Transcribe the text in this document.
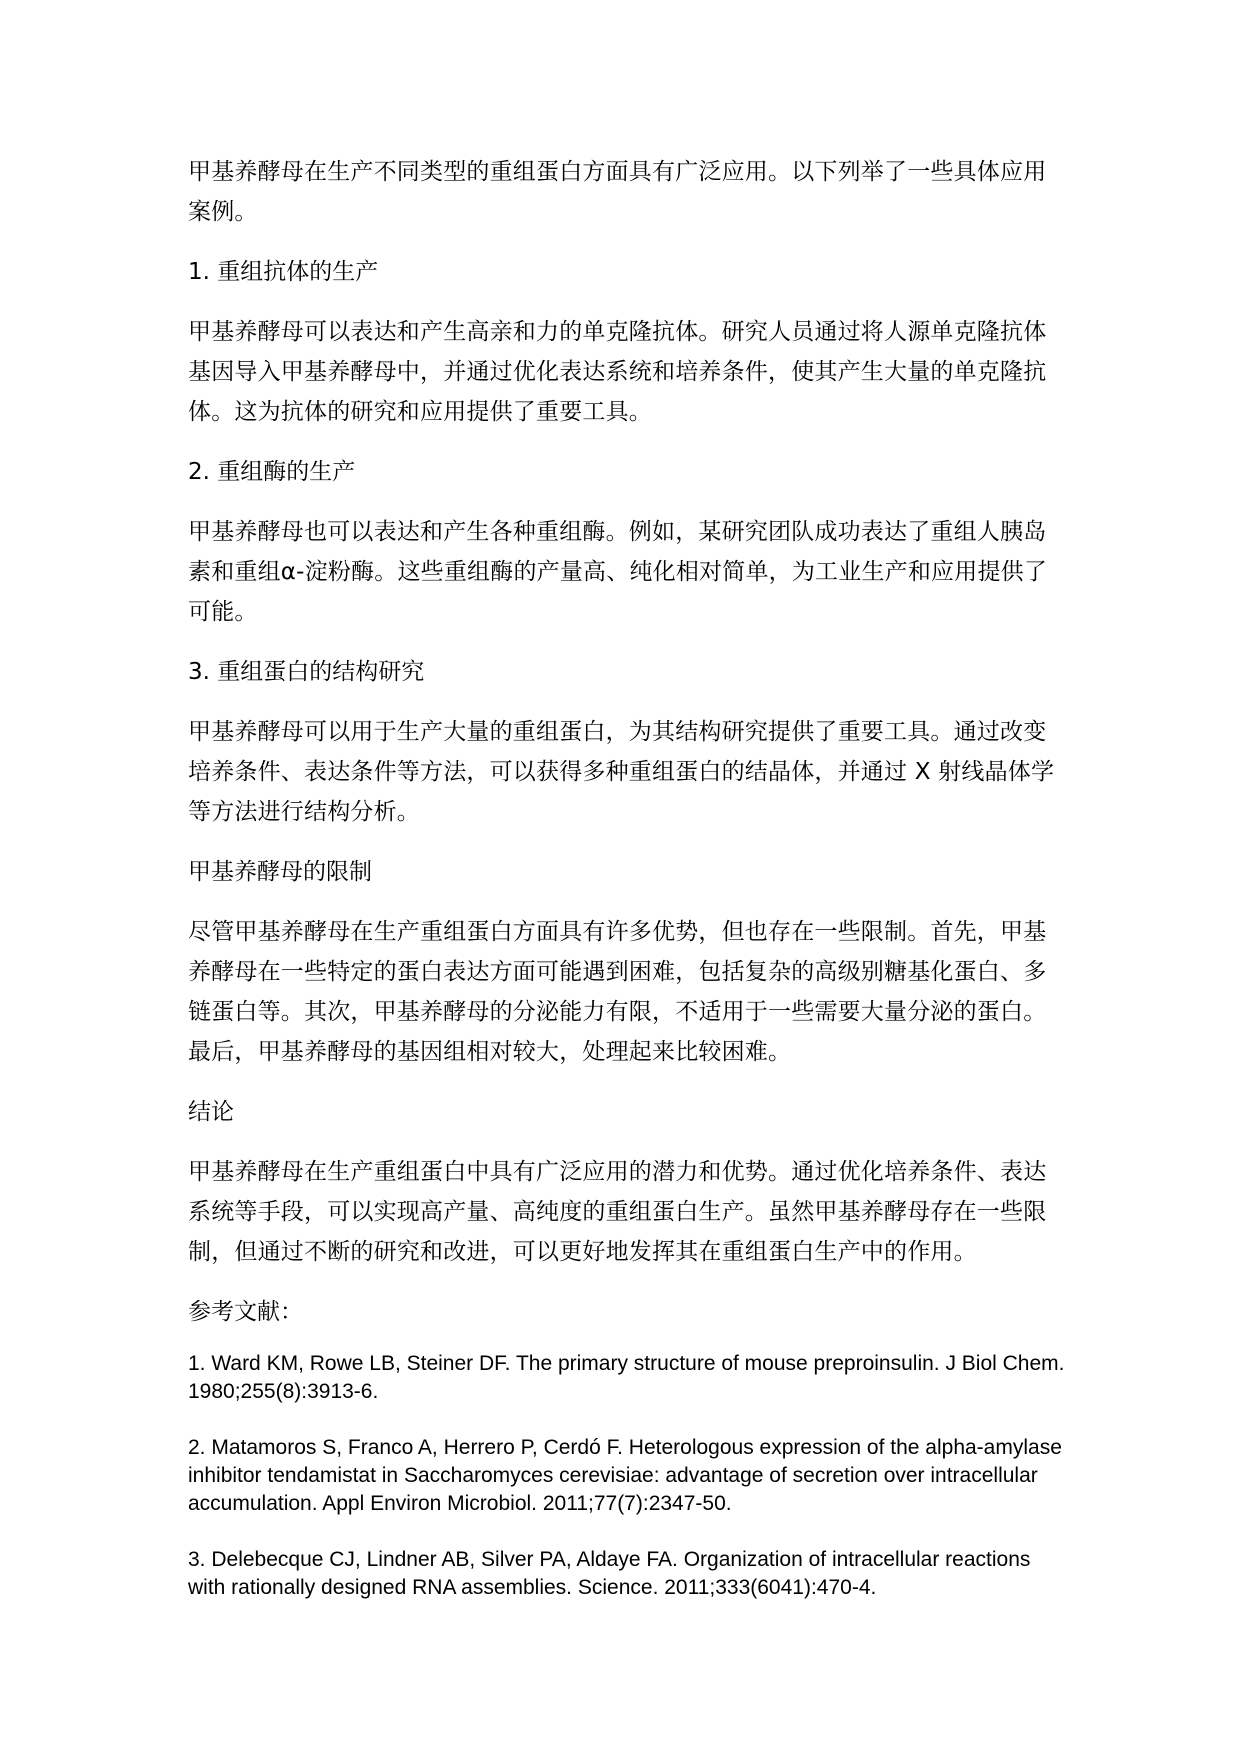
甲基养酵母在生产不同类型的重组蛋白方面具有广泛应用。以下列举了一些具体应用案例。

1. 重组抗体的生产

甲基养酵母可以表达和产生高亲和力的单克隆抗体。研究人员通过将人源单克隆抗体基因导入甲基养酵母中，并通过优化表达系统和培养条件，使其产生大量的单克隆抗体。这为抗体的研究和应用提供了重要工具。

2. 重组酶的生产

甲基养酵母也可以表达和产生各种重组酶。例如，某研究团队成功表达了重组人胰岛素和重组α-淀粉酶。这些重组酶的产量高、纯化相对简单，为工业生产和应用提供了可能。

3. 重组蛋白的结构研究

甲基养酵母可以用于生产大量的重组蛋白，为其结构研究提供了重要工具。通过改变培养条件、表达条件等方法，可以获得多种重组蛋白的结晶体，并通过 X 射线晶体学等方法进行结构分析。

甲基养酵母的限制

尽管甲基养酵母在生产重组蛋白方面具有许多优势，但也存在一些限制。首先，甲基养酵母在一些特定的蛋白表达方面可能遇到困难，包括复杂的高级别糖基化蛋白、多链蛋白等。其次，甲基养酵母的分泌能力有限，不适用于一些需要大量分泌的蛋白。最后，甲基养酵母的基因组相对较大，处理起来比较困难。

结论

甲基养酵母在生产重组蛋白中具有广泛应用的潜力和优势。通过优化培养条件、表达系统等手段，可以实现高产量、高纯度的重组蛋白生产。虽然甲基养酵母存在一些限制，但通过不断的研究和改进，可以更好地发挥其在重组蛋白生产中的作用。

参考文献：

1. Ward KM, Rowe LB, Steiner DF. The primary structure of mouse preproinsulin. J Biol Chem. 1980;255(8):3913-6.

2. Matamoros S, Franco A, Herrero P, Cerdó F. Heterologous expression of the alpha-amylase inhibitor tendamistat in Saccharomyces cerevisiae: advantage of secretion over intracellular accumulation. Appl Environ Microbiol. 2011;77(7):2347-50.

3. Delebecque CJ, Lindner AB, Silver PA, Aldaye FA. Organization of intracellular reactions with rationally designed RNA assemblies. Science. 2011;333(6041):470-4.
